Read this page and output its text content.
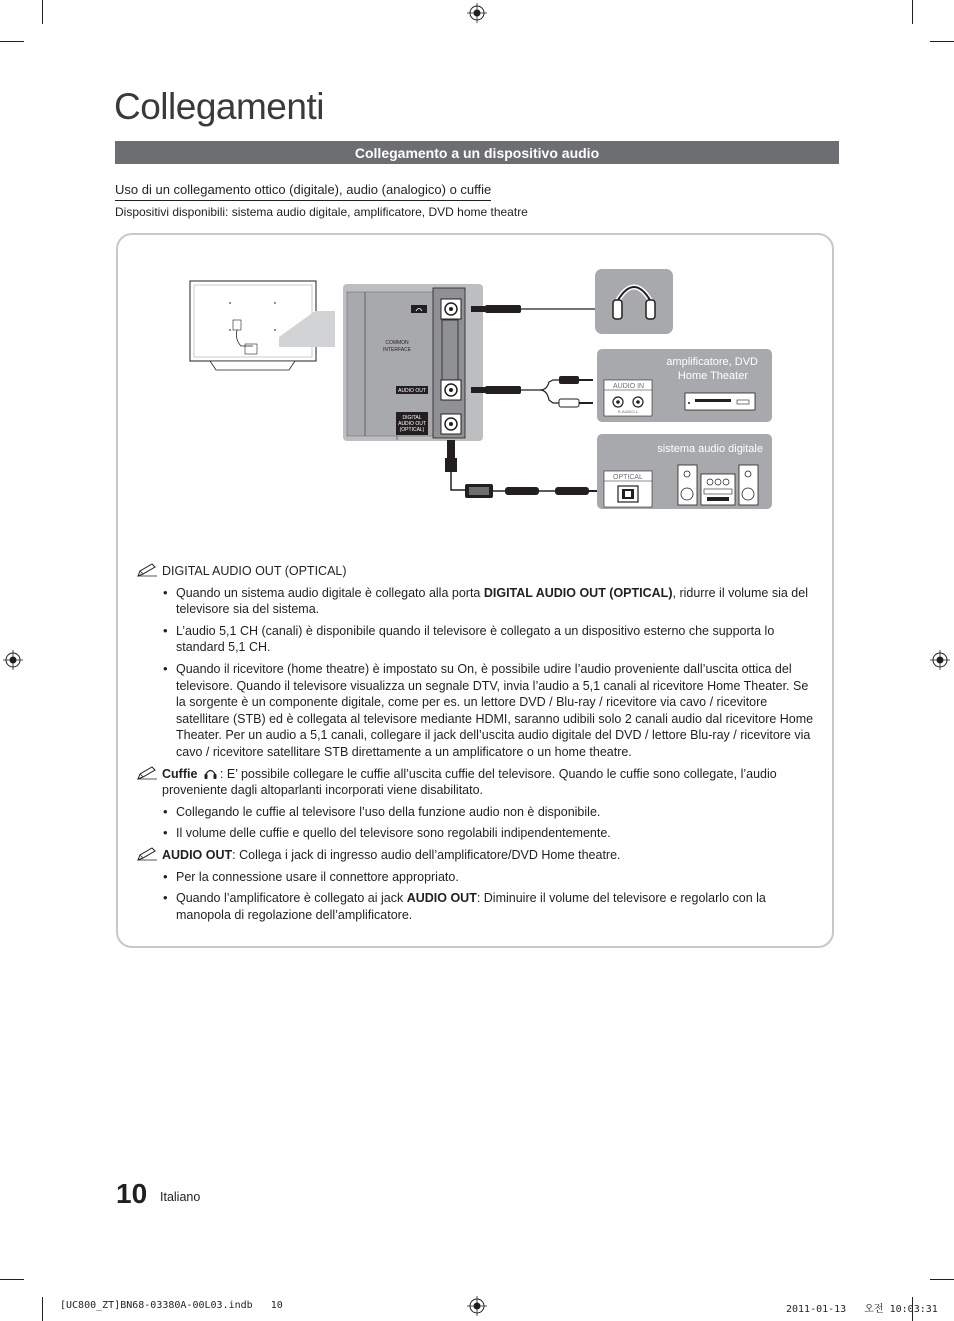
Collegamenti
Collegamento a un dispositivo audio
Uso di un collegamento ottico (digitale), audio (analogico) o cuffie
Dispositivi disponibili: sistema audio digitale, amplificatore, DVD home theatre
COMMON
INTERFACE
AUDIO OUT
DIGITAL
AUDIO OUT
(OPTICAL)
amplificatore, DVD
Home Theater
AUDIO IN
R-AUDIO-L
sistema audio digitale
OPTICAL
DIGITAL AUDIO OUT (OPTICAL)
• Quando un sistema audio digitale è collegato alla porta DIGITAL AUDIO OUT (OPTICAL), ridurre il volume sia del televisore sia del sistema.
• L’audio 5,1 CH (canali) è disponibile quando il televisore è collegato a un dispositivo esterno che supporta lo standard 5,1 CH.
• Quando il ricevitore (home theatre) è impostato su On, è possibile udire l’audio proveniente dall’uscita ottica del televisore. Quando il televisore visualizza un segnale DTV, invia l’audio a 5,1 canali al ricevitore Home Theater. Se la sorgente è un componente digitale, come per es. un lettore DVD / Blu-ray / ricevitore via cavo / ricevitore satellitare (STB) ed è collegata al televisore mediante HDMI, saranno udibili solo 2 canali audio dal ricevitore Home Theater. Per un audio a 5,1 canali, collegare il jack dell’uscita audio digitale del DVD / lettore Blu-ray / ricevitore via cavo / ricevitore satellitare STB direttamente a un amplificatore o un home theatre.
Cuffie : E’ possibile collegare le cuffie all’uscita cuffie del televisore. Quando le cuffie sono collegate, l’audio proveniente dagli altoparlanti incorporati viene disabilitato.
• Collegando le cuffie al televisore l’uso della funzione audio non è disponibile.
• Il volume delle cuffie e quello del televisore sono regolabili indipendentemente.
AUDIO OUT: Collega i jack di ingresso audio dell’amplificatore/DVD Home theatre.
• Per la connessione usare il connettore appropriato.
• Quando l’amplificatore è collegato ai jack AUDIO OUT: Diminuire il volume del televisore e regolarlo con la manopola di regolazione dell’amplificatore.
10 Italiano
[UC800_ZT]BN68-03380A-00L03.indb   10	2011-01-13   오전 10:03:31
